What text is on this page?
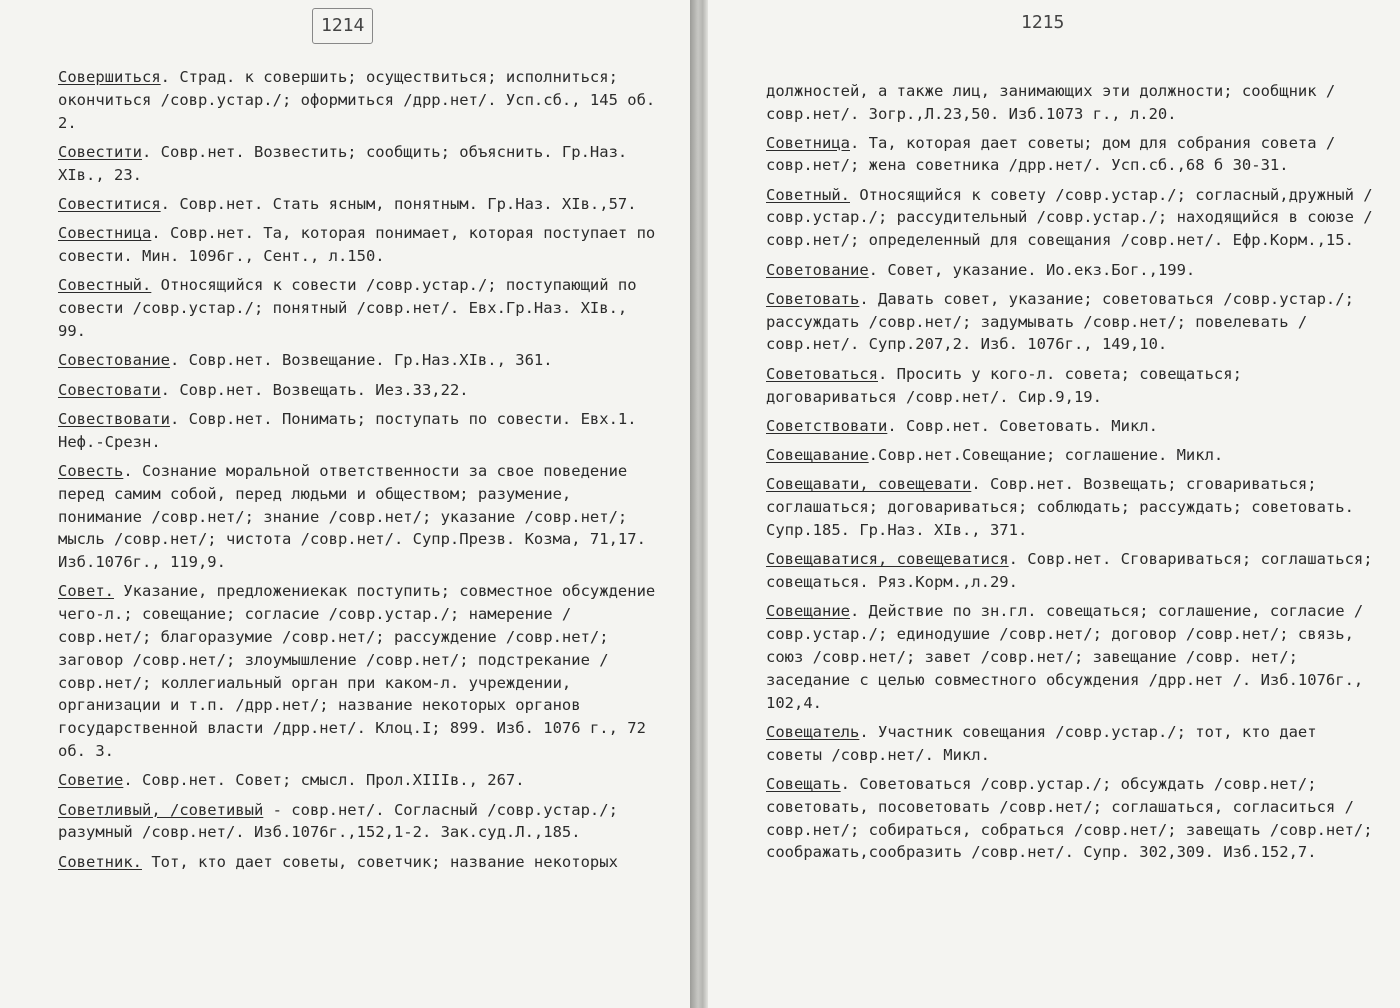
1214

Совершиться. Страд. к совершить; осуществиться; исполниться; окончиться /совр.устар./; оформиться /дрр.нет/. Усп.сб., 145 об. 2.

Совестити. Совр.нет. Возвестить; сообщить; объяснить. Гр.Наз. XIв., 23.

Совеститися. Совр.нет. Стать ясным, понятным. Гр.Наз. XIв.,57.

Совестница. Совр.нет. Та, которая понимает, которая поступает по совести. Мин. 1096г., Сент., л.150.

Совестный. Относящийся к совести /совр.устар./; поступающий по совести /совр.устар./; понятный /совр.нет/. Евх.Гр.Наз. XIв., 99.

Совестование. Совр.нет. Возвещание. Гр.Наз.XIв., 361.

Совестовати. Совр.нет. Возвещать. Иез.33,22.

Совествовати. Совр.нет. Понимать; поступать по совести. Евх.1. Неф.-Срезн.

Совесть. Сознание моральной ответственности за свое поведение перед самим собой, перед людьми и обществом; разумение, понимание /совр.нет/; знание /совр.нет/; указание /совр.нет/; мысль /совр.нет/; чистота /совр.нет/. Супр.Презв. Козма, 71,17. Изб.1076г., 119,9.

Совет. Указание, предложениекак поступить; совместное обсуждение чего-л.; совещание; согласие /совр.устар./; намерение /совр.нет/; благоразумие /совр.нет/; рассуждение /совр.нет/; заговор /совр.нет/; злоумышление /совр.нет/; подстрекание /совр.нет/; коллегиальный орган при каком-л. учреждении, организации и т.п. /дрр.нет/; название некоторых органов государственной власти /дрр.нет/. Клоц.I; 899. Изб. 1076 г., 72 об. 3.

Советие. Совр.нет. Совет; смысл. Прол.XIIIв., 267.

Советливый, /советивый - совр.нет/. Согласный /совр.устар./; разумный /совр.нет/. Изб.1076г.,152,1-2. Зак.суд.Л.,185.

Советник. Тот, кто дает советы, советчик; название некоторых

1215

должностей, а также лиц, занимающих эти должности; сообщник /совр.нет/. Зогр.,Л.23,50. Изб.1073 г., л.20.

Советница. Та, которая дает советы; дом для собрания совета /совр.нет/; жена советника /дрр.нет/. Усп.сб.,68 б 30-31.

Советный. Относящийся к совету /совр.устар./; согласный,дружный /совр.устар./; рассудительный /совр.устар./; находящийся в союзе /совр.нет/; определенный для совещания /совр.нет/. Ефр.Корм.,15.

Советование. Совет, указание. Ио.екз.Бог.,199.

Советовать. Давать совет, указание; советоваться /совр.устар./; рассуждать /совр.нет/; задумывать /совр.нет/; повелевать /совр.нет/. Супр.207,2. Изб. 1076г., 149,10.

Советоваться. Просить у кого-л. совета; совещаться; договариваться /совр.нет/. Сир.9,19.

Советствовати. Совр.нет. Советовать. Микл.

Совещавание.Совр.нет.Совещание; соглашение. Микл.

Совещавати, совещевати. Совр.нет. Возвещать; сговариваться; соглашаться; договариваться; соблюдать; рассуждать; советовать. Супр.185. Гр.Наз. XIв., 371.

Совещаватися, совещеватися. Совр.нет. Сговариваться; соглашаться; совещаться. Ряз.Корм.,л.29.

Совещание. Действие по зн.гл. совещаться; соглашение, согласие /совр.устар./; единодушие /совр.нет/; договор /совр.нет/; связь, союз /совр.нет/; завет /совр.нет/; завещание /совр. нет/; заседание с целью совместного обсуждения /дрр.нет /. Изб.1076г., 102,4.

Совещатель. Участник совещания /совр.устар./; тот, кто дает советы /совр.нет/. Микл.

Совещать. Советоваться /совр.устар./; обсуждать /совр.нет/; советовать, посоветовать /совр.нет/; соглашаться, согласиться /совр.нет/; собираться, собраться /совр.нет/; завещать /совр.нет/; соображать,сообразить /совр.нет/. Супр. 302,309. Изб.152,7.
